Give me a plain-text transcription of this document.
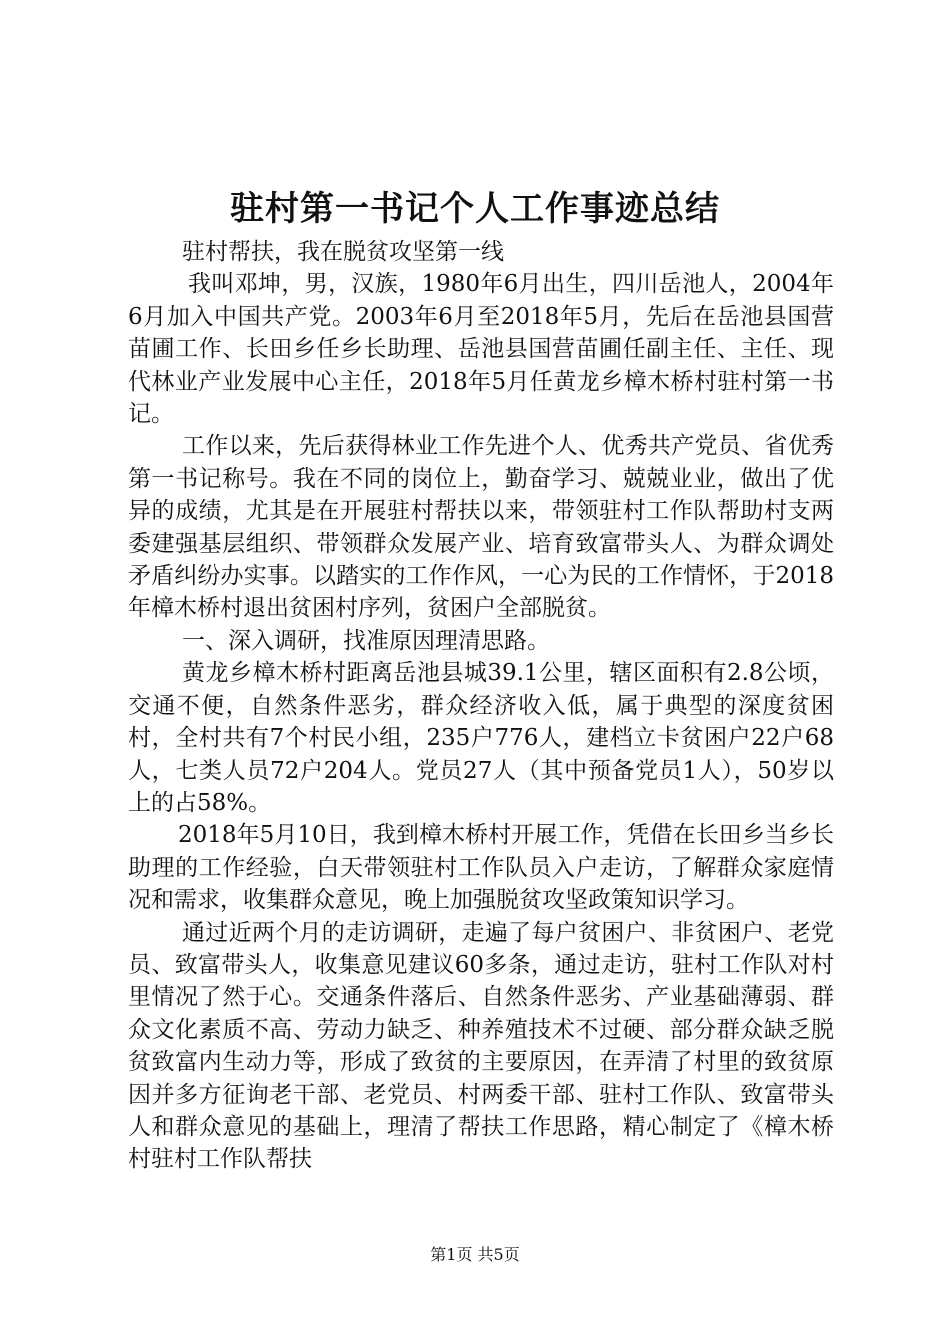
驻村第一书记个人工作事迹总结

驻村帮扶，我在脱贫攻坚第一线

我叫邓坤，男，汉族，1980年6月出生，四川岳池人，2004年6月加入中国共产党。2003年6月至2018年5月，先后在岳池县国营苗圃工作、长田乡任乡长助理、岳池县国营苗圃任副主任、主任、现代林业产业发展中心主任，2018年5月任黄龙乡樟木桥村驻村第一书记。

工作以来，先后获得林业工作先进个人、优秀共产党员、省优秀第一书记称号。我在不同的岗位上，勤奋学习、兢兢业业，做出了优异的成绩，尤其是在开展驻村帮扶以来，带领驻村工作队帮助村支两委建强基层组织、带领群众发展产业、培育致富带头人、为群众调处矛盾纠纷办实事。以踏实的工作作风，一心为民的工作情怀，于2018年樟木桥村退出贫困村序列，贫困户全部脱贫。

一、深入调研，找准原因理清思路。

黄龙乡樟木桥村距离岳池县城39.1公里，辖区面积有2.8公顷，交通不便，自然条件恶劣，群众经济收入低，属于典型的深度贫困村，全村共有7个村民小组，235户776人，建档立卡贫困户22户68人，七类人员72户204人。党员27人（其中预备党员1人），50岁以上的占58%。

2018年5月10日，我到樟木桥村开展工作，凭借在长田乡当乡长助理的工作经验，白天带领驻村工作队员入户走访，了解群众家庭情况和需求，收集群众意见，晚上加强脱贫攻坚政策知识学习。

通过近两个月的走访调研，走遍了每户贫困户、非贫困户、老党员、致富带头人，收集意见建议60多条，通过走访，驻村工作队对村里情况了然于心。交通条件落后、自然条件恶劣、产业基础薄弱、群众文化素质不高、劳动力缺乏、种养殖技术不过硬、部分群众缺乏脱贫致富内生动力等，形成了致贫的主要原因，在弄清了村里的致贫原因并多方征询老干部、老党员、村两委干部、驻村工作队、致富带头人和群众意见的基础上，理清了帮扶工作思路，精心制定了《樟木桥村驻村工作队帮扶

第1页 共5页
